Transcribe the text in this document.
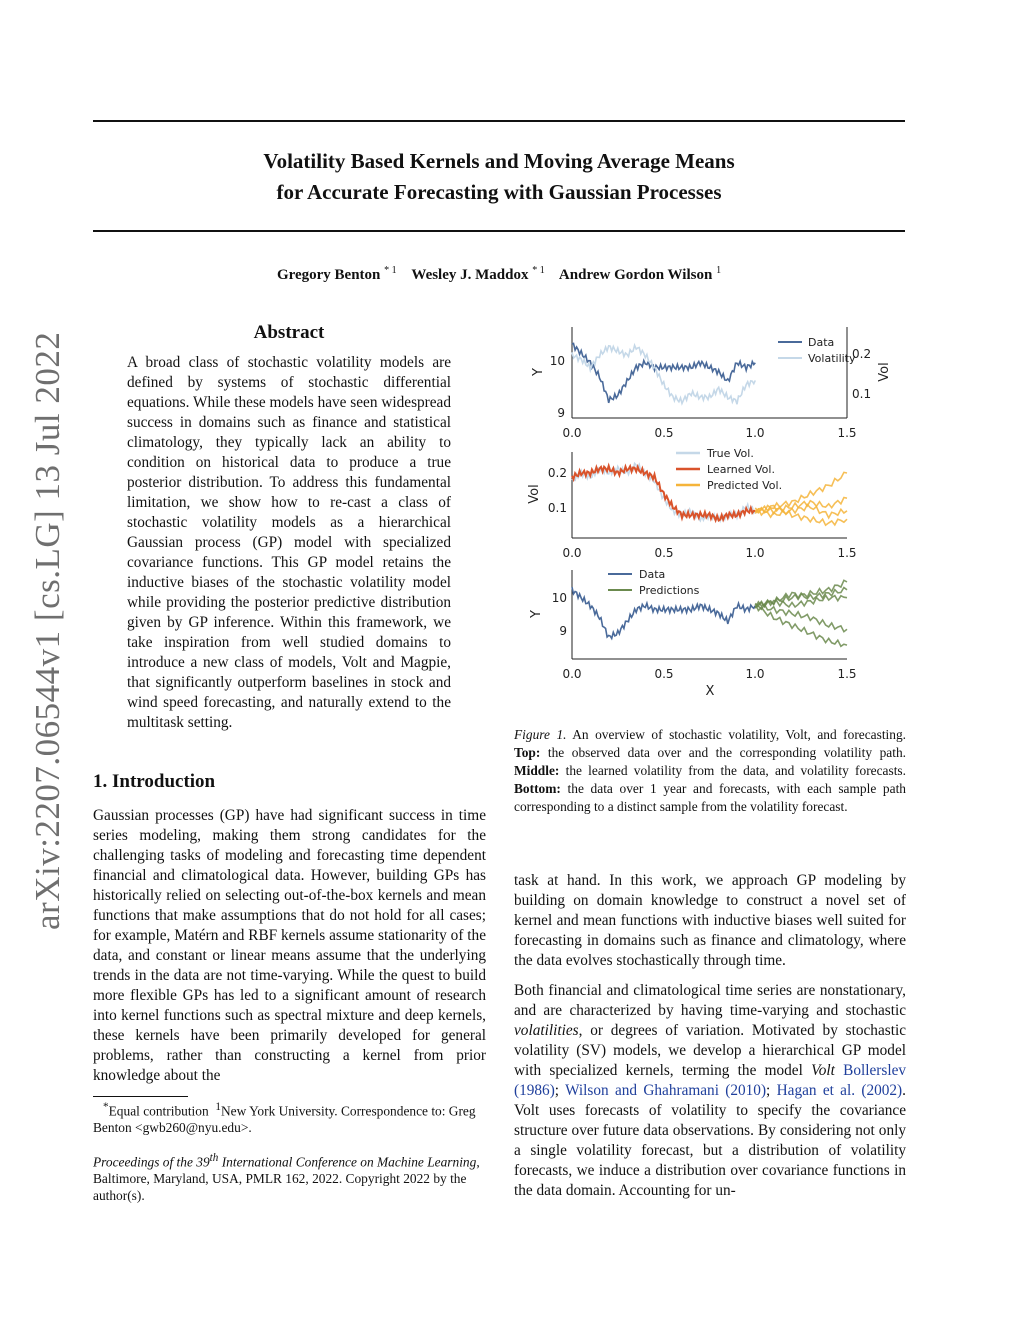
Volatility Based Kernels and Moving Average Means
for Accurate Forecasting with Gaussian Processes
Gregory Benton $^{* 1}$ Wesley J. Maddox $^{* 1}$ Andrew Gordon Wilson $^1$
arXiv:2207.06544v1 [cs.LG] 13 Jul 2022	Abstract
A broad class of stochastic volatility models are defined by systems of stochastic differential equations. While these models have seen widespread success in domains such as finance and statistical climatology, they typically lack an ability to condition on historical data to produce a true posterior distribution. To address this fundamental limitation, we show how to re-cast a class of stochastic volatility models as a hierarchical Gaussian process (GP) model with specialized covariance functions. This GP model retains the inductive biases of the stochastic volatility model while providing the posterior predictive distribution given by GP inference. Within this framework, we take inspiration from well studied domains to introduce a new class of models, Volt and Magpie, that significantly outperform baselines in stock and wind speed forecasting, and naturally extend to the multitask setting.
1. Introduction
Gaussian processes (GP) have had significant success in time series modeling, making them strong candidates for the challenging tasks of modeling and forecasting time dependent financial and climatological data. However, building GPs has historically relied on selecting out-of-the-box kernels and mean functions that make assumptions that do not hold for all cases; for example, Matérn and RBF kernels assume stationarity of the data, and constant or linear means assume that the underlying trends in the data are not time-varying. While the quest to build more flexible GPs has led to a significant amount of research into kernel functions such as spectral mixture and deep kernels, these kernels have been primarily developed for general problems, rather than constructing a kernel from prior knowledge about the
*Equal contribution $^1$New York University. Correspondence to: Greg Benton <gwb260@nyu.edu>.
Proceedings of the 39th International Conference on Machine Learning, Baltimore, Maryland, USA, PMLR 162, 2022. Copyright 2022 by the author(s).
Y
10
9
0.2
0.1
Vol
0.0	0.5	1.0	1.5
Data
Volatility
Vol
0.2
0.1
0.0	0.5	1.0	1.5
True Vol.
Learned Vol.
Predicted Vol.
Y
10
9
0.0	0.5	1.0	1.5
X
Data
Predictions
Figure 1. An overview of stochastic volatility, Volt, and forecasting. Top: the observed data over and the corresponding volatility path. Middle: the learned volatility from the data, and volatility forecasts. Bottom: the data over 1 year and forecasts, with each sample path corresponding to a distinct sample from the volatility forecast.

task at hand. In this work, we approach GP modeling by building on domain knowledge to construct a novel set of kernel and mean functions with inductive biases well suited for forecasting in domains such as finance and climatology, where the data evolves stochastically through time.

Both financial and climatological time series are nonstationary, and are characterized by having time-varying and stochastic volatilities, or degrees of variation. Motivated by stochastic volatility (SV) models, we develop a hierarchical GP model with specialized kernels, terming the model Volt Bollerslev (1986); Wilson and Ghahramani (2010); Hagan et al. (2002). Volt uses forecasts of volatility to specify the covariance structure over future data observations. By considering not only a single volatility forecast, but a distribution of volatility forecasts, we induce a distribution over covariance functions in the data domain. Accounting for un-
